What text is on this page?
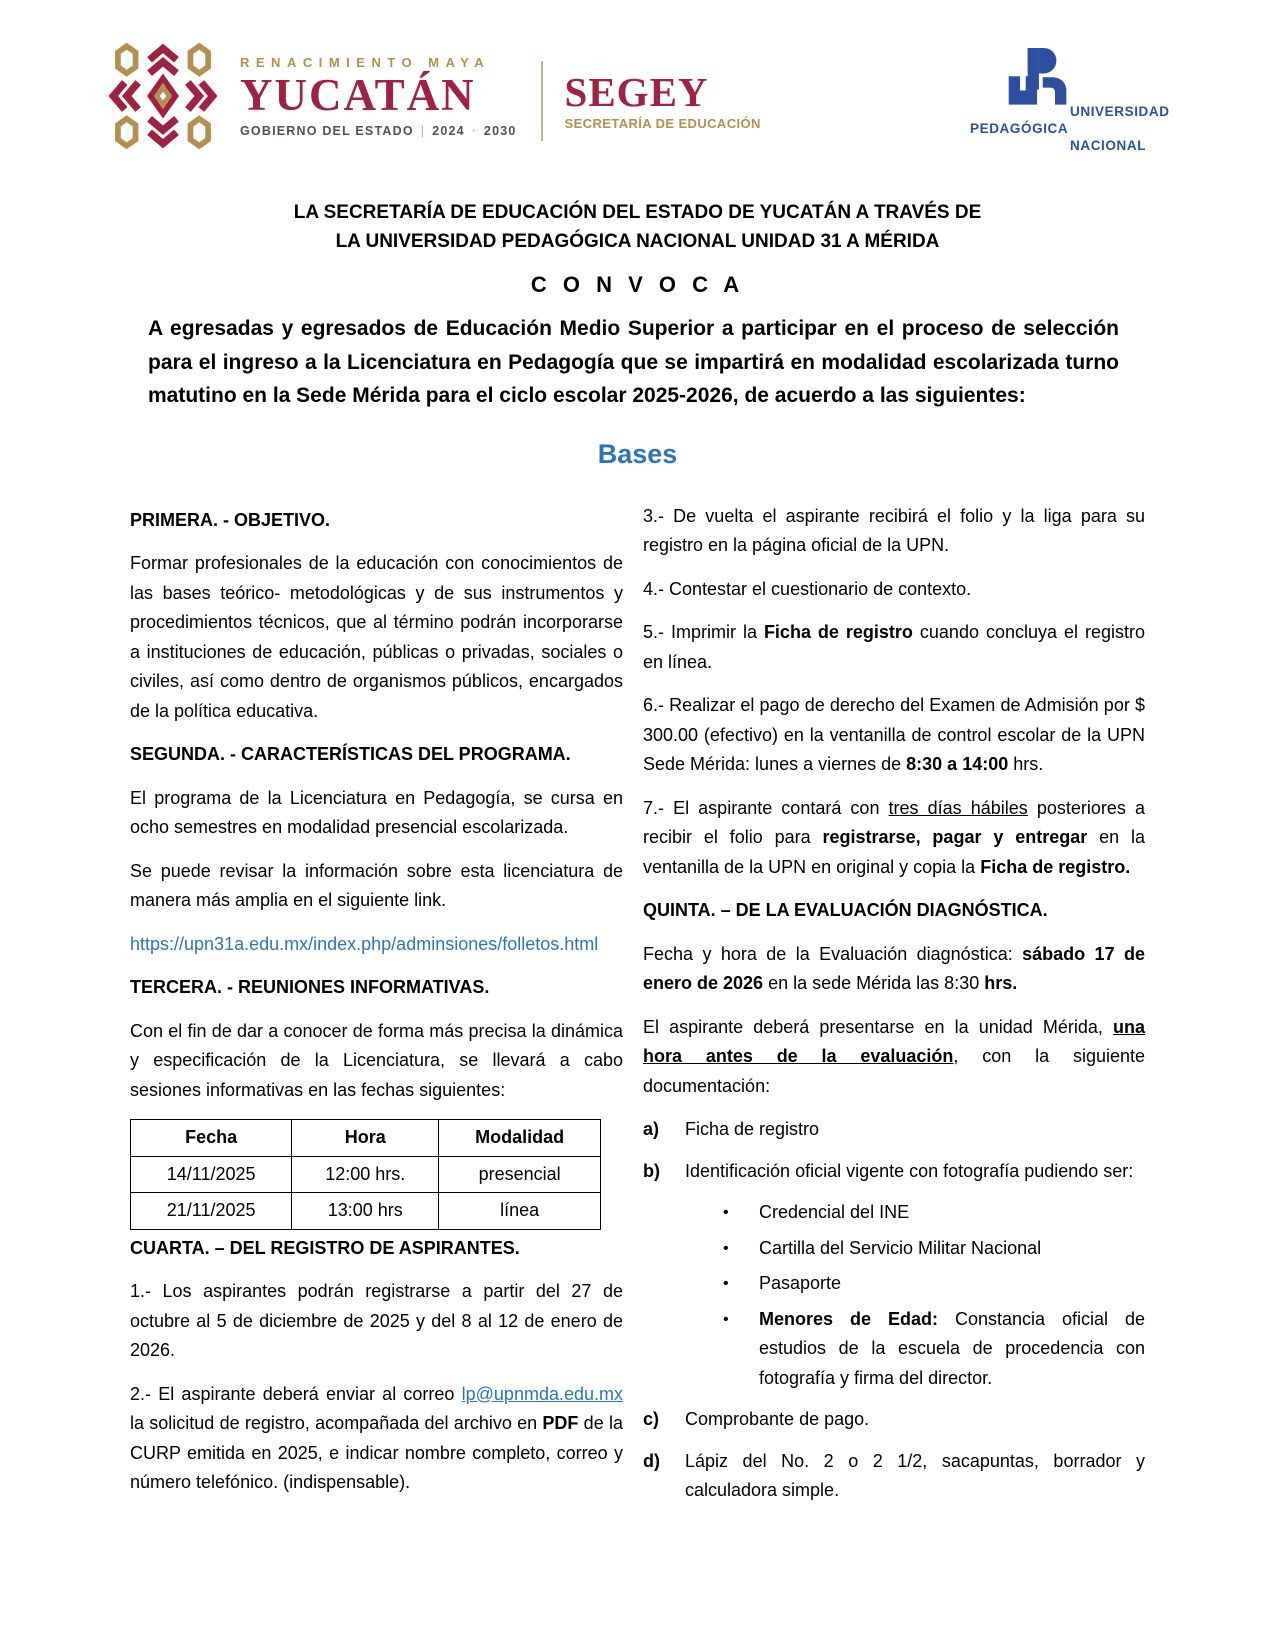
RENACIMIENTO MAYA
YUCATÁN
GOBIERNO DEL ESTADO | 2024 ◦ 2030
SEGEY
SECRETARÍA DE EDUCACIÓN
UNIVERSIDAD
PEDAGÓGICA
NACIONAL
LA SECRETARÍA DE EDUCACIÓN DEL ESTADO DE YUCATÁN A TRAVÉS DE
LA UNIVERSIDAD PEDAGÓGICA NACIONAL UNIDAD 31 A MÉRIDA
C O N V O C A

A egresadas y egresados de Educación Medio Superior a participar en el proceso de selección para el ingreso a la Licenciatura en Pedagogía que se impartirá en modalidad escolarizada turno matutino en la Sede Mérida para el ciclo escolar 2025-2026, de acuerdo a las siguientes:

Bases
PRIMERA. - OBJETIVO.

Formar profesionales de la educación con conocimientos de las bases teórico- metodológicas y de sus instrumentos y procedimientos técnicos, que al término podrán incorporarse a instituciones de educación, públicas o privadas, sociales o civiles, así como dentro de organismos públicos, encargados de la política educativa.

SEGUNDA. - CARACTERÍSTICAS DEL PROGRAMA.

El programa de la Licenciatura en Pedagogía, se cursa en ocho semestres en modalidad presencial escolarizada.

Se puede revisar la información sobre esta licenciatura de manera más amplia en el siguiente link.

https://upn31a.edu.mx/index.php/adminsiones/folletos.html
TERCERA. - REUNIONES INFORMATIVAS.

Con el fin de dar a conocer de forma más precisa la dinámica y especificación de la Licenciatura, se llevará a cabo sesiones informativas en las fechas siguientes:

Fecha	Hora	Modalidad
14/11/2025	12:00 hrs.	presencial
21/11/2025	13:00 hrs	línea
CUARTA. – DEL REGISTRO DE ASPIRANTES.

1.- Los aspirantes podrán registrarse a partir del 27 de octubre al 5 de diciembre de 2025 y del 8 al 12 de enero de 2026.

2.- El aspirante deberá enviar al correo lp@upnmda.edu.mx la solicitud de registro, acompañada del archivo en PDF de la CURP emitida en 2025, e indicar nombre completo, correo y número telefónico. (indispensable).

3.- De vuelta el aspirante recibirá el folio y la liga para su registro en la página oficial de la UPN.

4.- Contestar el cuestionario de contexto.

5.- Imprimir la Ficha de registro cuando concluya el registro en línea.

6.- Realizar el pago de derecho del Examen de Admisión por $ 300.00 (efectivo) en la ventanilla de control escolar de la UPN Sede Mérida: lunes a viernes de 8:30 a 14:00 hrs.

7.- El aspirante contará con tres días hábiles posteriores a recibir el folio para registrarse, pagar y entregar en la ventanilla de la UPN en original y copia la Ficha de registro.

QUINTA. – DE LA EVALUACIÓN DIAGNÓSTICA.

Fecha y hora de la Evaluación diagnóstica: sábado 17 de enero de 2026 en la sede Mérida las 8:30 hrs.

El aspirante deberá presentarse en la unidad Mérida, una hora antes de la evaluación, con la siguiente documentación:

a)	Ficha de registro
b)	Identificación oficial vigente con fotografía pudiendo ser:
•	Credencial del INE
•	Cartilla del Servicio Militar Nacional
•	Pasaporte
•	Menores de Edad: Constancia oficial de estudios de la escuela de procedencia con fotografía y firma del director.
c)	Comprobante de pago.
d)	Lápiz del No. 2 o 2 1/2, sacapuntas, borrador y calculadora simple.
